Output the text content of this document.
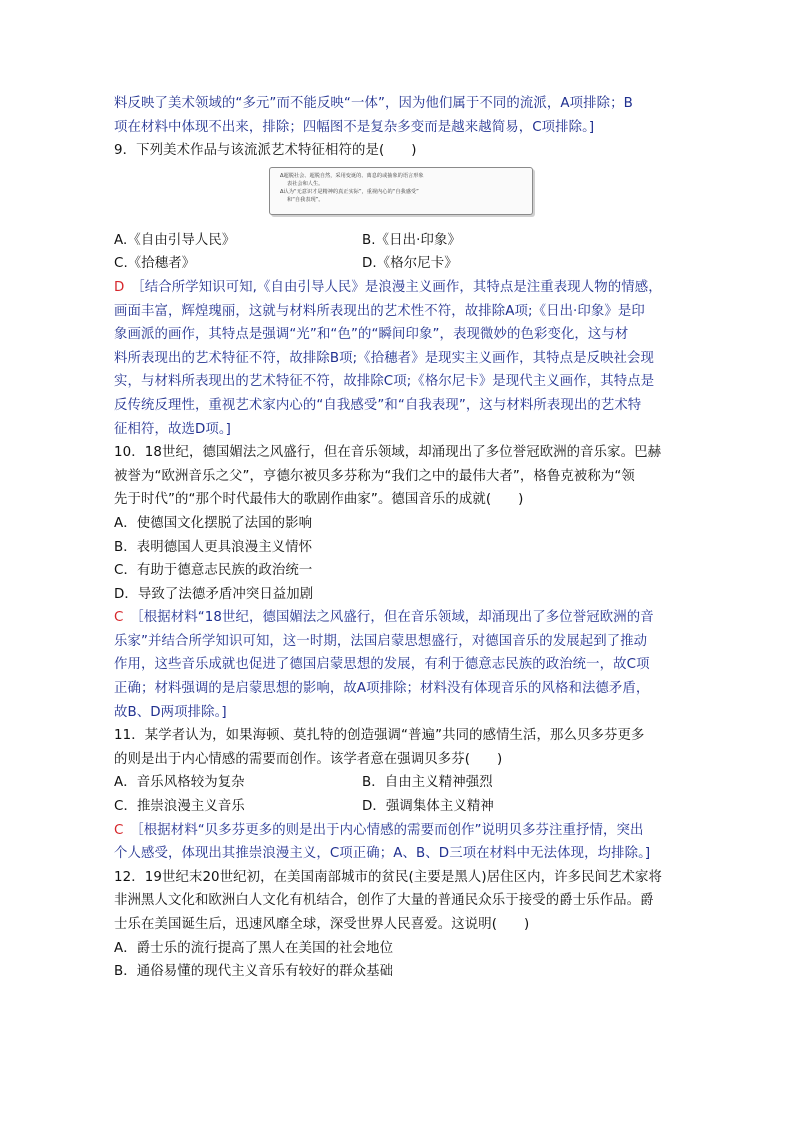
料反映了美术领域的“多元”而不能反映“一体”，因为他们属于不同的流派，A项排除；B
项在材料中体现不出来，排除；四幅图不是复杂多变而是越来越简易，C项排除。]
9．下列美术作品与该流派艺术特征相符的是(　　)
Δ超脱社会、超脱自然，采用变诞的、离息的或抽象的语言形象
表社会和人生。
Δ认为“无意识才是精神的真正实际”，重视内心的“自我感受”
和“自我表现”。
A.《自由引导人民》	B.《日出·印象》
C.《拾穗者》	D.《格尔尼卡》
D　 ［结合所学知识可知,《自由引导人民》是浪漫主义画作，其特点是注重表现人物的情感，
画面丰富，辉煌瑰丽，这就与材料所表现出的艺术性不符，故排除A项;《日出·印象》是印
象画派的画作，其特点是强调“光”和“色”的“瞬间印象”，表现微妙的色彩变化，这与材
料所表现出的艺术特征不符，故排除B项;《拾穗者》是现实主义画作，其特点是反映社会现
实，与材料所表现出的艺术特征不符，故排除C项;《格尔尼卡》是现代主义画作，其特点是
反传统反理性，重视艺术家内心的“自我感受”和“自我表现”，这与材料所表现出的艺术特
征相符，故选D项。]
10．18世纪，德国媚法之风盛行，但在音乐领域，却涌现出了多位誉冠欧洲的音乐家。巴赫
被誉为“欧洲音乐之父”，亨德尔被贝多芬称为“我们之中的最伟大者”，格鲁克被称为“领
先于时代”的“那个时代最伟大的歌剧作曲家”。德国音乐的成就(　　)
A．使德国文化摆脱了法国的影响
B．表明德国人更具浪漫主义情怀
C．有助于德意志民族的政治统一
D．导致了法德矛盾冲突日益加剧
C　 ［根据材料“18世纪，德国媚法之风盛行，但在音乐领域，却涌现出了多位誉冠欧洲的音
乐家”并结合所学知识可知，这一时期，法国启蒙思想盛行，对德国音乐的发展起到了推动
作用，这些音乐成就也促进了德国启蒙思想的发展，有利于德意志民族的政治统一，故C项
正确；材料强调的是启蒙思想的影响，故A项排除；材料没有体现音乐的风格和法德矛盾，
故B、D两项排除。]
11．某学者认为，如果海顿、莫扎特的创造强调“普遍”共同的感情生活，那么贝多芬更多
的则是出于内心情感的需要而创作。该学者意在强调贝多芬(　　)
A．音乐风格较为复杂	B．自由主义精神强烈
C．推崇浪漫主义音乐	D．强调集体主义精神
C　 ［根据材料“贝多芬更多的则是出于内心情感的需要而创作”说明贝多芬注重抒情，突出
个人感受，体现出其推崇浪漫主义，C项正确；A、B、D三项在材料中无法体现，均排除。]
12．19世纪末20世纪初，在美国南部城市的贫民(主要是黑人)居住区内，许多民间艺术家将
非洲黑人文化和欧洲白人文化有机结合，创作了大量的普通民众乐于接受的爵士乐作品。爵
士乐在美国诞生后，迅速风靡全球，深受世界人民喜爱。这说明(　　)
A．爵士乐的流行提高了黑人在美国的社会地位
B．通俗易懂的现代主义音乐有较好的群众基础
